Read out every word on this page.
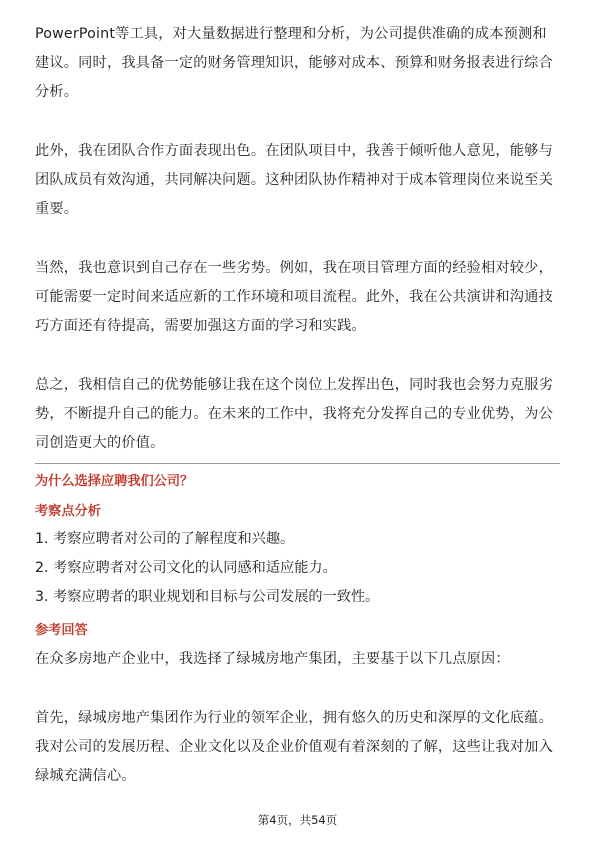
PowerPoint等工具，对大量数据进行整理和分析，为公司提供准确的成本预测和建议。同时，我具备一定的财务管理知识，能够对成本、预算和财务报表进行综合分析。

此外，我在团队合作方面表现出色。在团队项目中，我善于倾听他人意见，能够与团队成员有效沟通，共同解决问题。这种团队协作精神对于成本管理岗位来说至关重要。

当然，我也意识到自己存在一些劣势。例如，我在项目管理方面的经验相对较少，可能需要一定时间来适应新的工作环境和项目流程。此外，我在公共演讲和沟通技巧方面还有待提高，需要加强这方面的学习和实践。

总之，我相信自己的优势能够让我在这个岗位上发挥出色，同时我也会努力克服劣势，不断提升自己的能力。在未来的工作中，我将充分发挥自己的专业优势，为公司创造更大的价值。

为什么选择应聘我们公司？

考察点分析

1. 考察应聘者对公司的了解程度和兴趣。

2. 考察应聘者对公司文化的认同感和适应能力。

3. 考察应聘者的职业规划和目标与公司发展的一致性。

参考回答

在众多房地产企业中，我选择了绿城房地产集团，主要基于以下几点原因：

首先，绿城房地产集团作为行业的领军企业，拥有悠久的历史和深厚的文化底蕴。我对公司的发展历程、企业文化以及企业价值观有着深刻的了解，这些让我对加入绿城充满信心。

第4页，共54页
